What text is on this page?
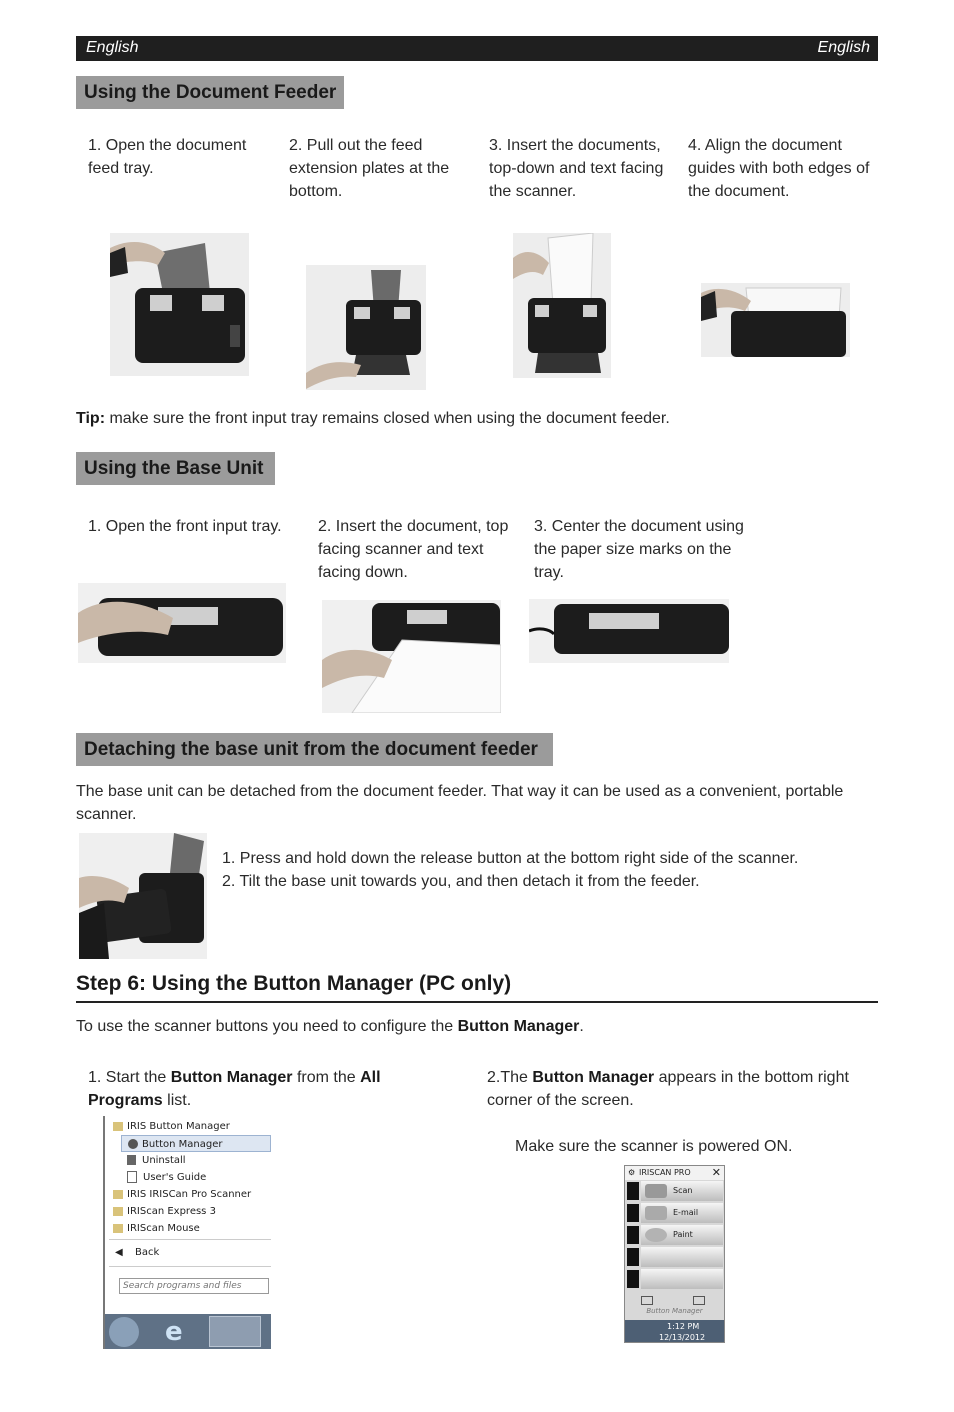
English	English
Using the Document Feeder
1. Open the document feed tray.
2. Pull out the feed extension plates at the bottom.
3. Insert the documents, top-down and text facing the scanner.
4. Align the document guides with both edges of the document.
Tip: make sure the front input tray remains closed when using the document feeder.
Using the Base Unit
1. Open the front input tray.	2. Insert the document, top facing scanner and text facing down.
3. Center the document using the paper size marks on the tray.
Detaching the base unit from the document feeder
The base unit can be detached from the document feeder. That way it can be used as a convenient, portable scanner.
1. Press and hold down the release button at the bottom right side of the scanner.
2. Tilt the base unit towards you, and then detach it from the feeder.
Step 6: Using the Button Manager (PC only)
To use the scanner buttons you need to configure the Button Manager.
1. Start the Button Manager from the All Programs list.
2.The Button Manager appears in the bottom right corner of the screen.
Make sure the scanner is powered ON.
IRIS Button Manager
Button Manager
Uninstall
User's Guide
IRIS IRISCan Pro Scanner
IRIScan Express 3
IRIScan Mouse
◀ Back
Search programs and files
e
⚙ IRISCAN PRO ✕
Scan
E-mail
Paint
Button Manager
1:12 PM
12/13/2012
